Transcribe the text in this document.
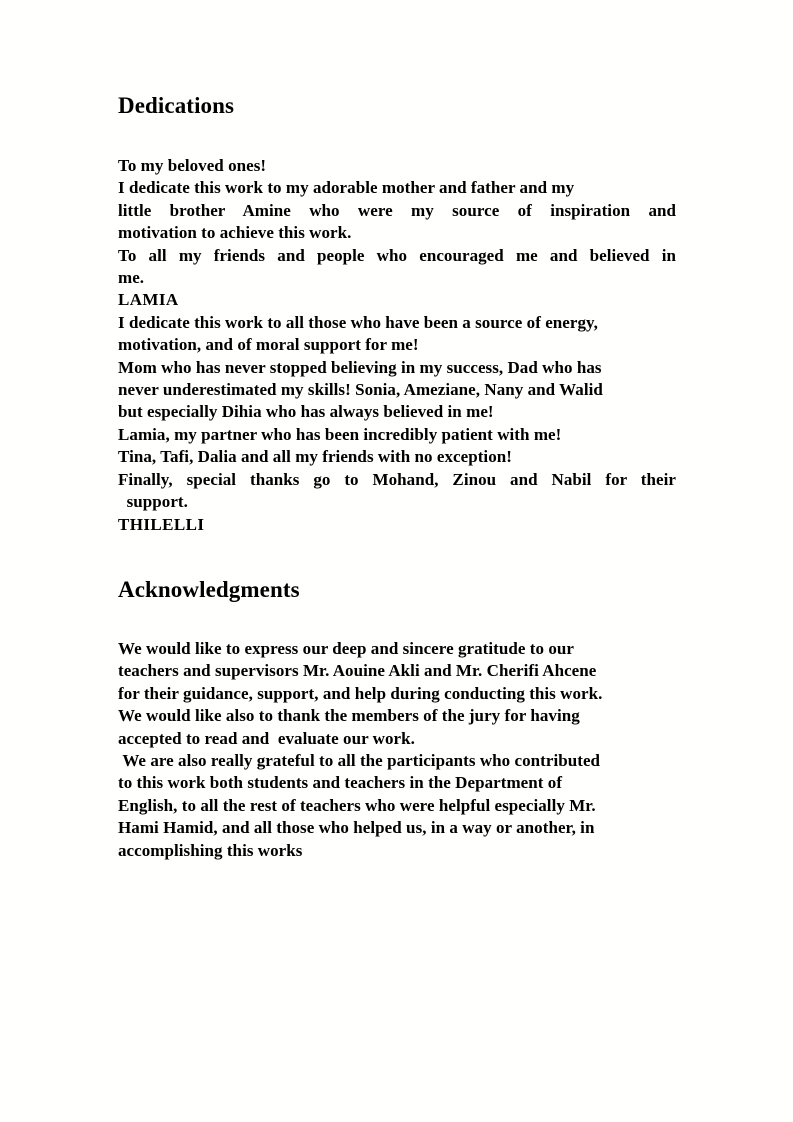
Dedications

To my beloved ones!

I dedicate this work to my adorable mother and father and my

little brother Amine who were my source of inspiration and

motivation to achieve this work.

To all my friends and people who encouraged me and believed in

me.

LAMIA

I dedicate this work to all those who have been a source of energy,

motivation, and of moral support for me!

Mom who has never stopped believing in my success, Dad who has

never underestimated my skills! Sonia, Ameziane, Nany and Walid

but especially Dihia who has always believed in me!

Lamia, my partner who has been incredibly patient with me!

Tina, Tafi, Dalia and all my friends with no exception!

Finally, special thanks go to Mohand, Zinou and Nabil for their

support.

THILELLI

Acknowledgments

We would like to express our deep and sincere gratitude to our

teachers and supervisors Mr. Aouine Akli and Mr. Cherifi Ahcene

for their guidance, support, and help during conducting this work.

We would like also to thank the members of the jury for having

accepted to read and  evaluate our work.

We are also really grateful to all the participants who contributed

to this work both students and teachers in the Department of

English, to all the rest of teachers who were helpful especially Mr.

Hami Hamid, and all those who helped us, in a way or another, in

accomplishing this works
